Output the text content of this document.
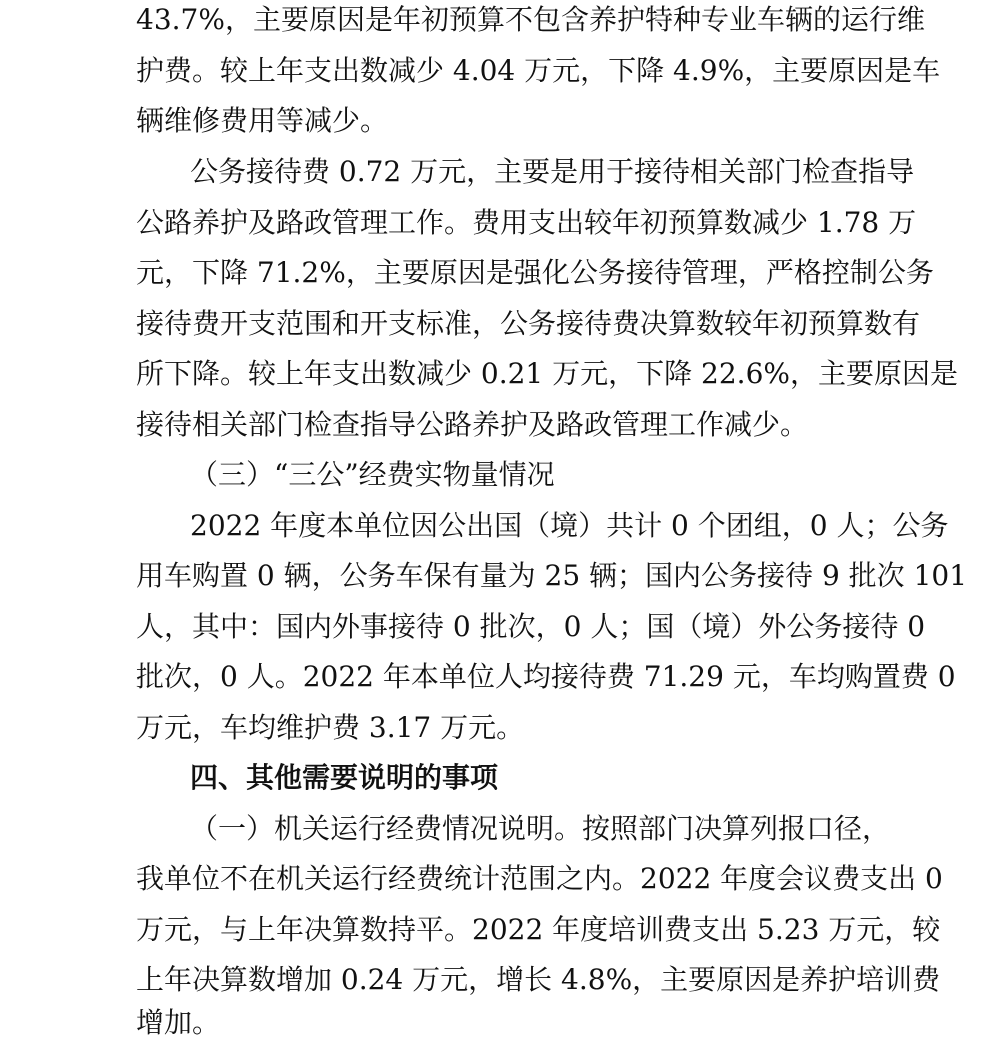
43.7%，主要原因是年初预算不包含养护特种专业车辆的运行维
护费。较上年支出数减少 4.04 万元，下降 4.9%，主要原因是车
辆维修费用等减少。
公务接待费 0.72 万元，主要是用于接待相关部门检查指导
公路养护及路政管理工作。费用支出较年初预算数减少 1.78 万
元，下降 71.2%，主要原因是强化公务接待管理，严格控制公务
接待费开支范围和开支标准，公务接待费决算数较年初预算数有
所下降。较上年支出数减少 0.21 万元，下降 22.6%，主要原因是
接待相关部门检查指导公路养护及路政管理工作减少。
（三）“三公”经费实物量情况
2022 年度本单位因公出国（境）共计 0 个团组，0 人；公务
用车购置 0 辆，公务车保有量为 25 辆；国内公务接待 9 批次 101
人，其中：国内外事接待 0 批次，0 人；国（境）外公务接待 0
批次，0 人。2022 年本单位人均接待费 71.29 元，车均购置费 0
万元，车均维护费 3.17 万元。
四、其他需要说明的事项
（一）机关运行经费情况说明。按照部门决算列报口径，
我单位不在机关运行经费统计范围之内。2022 年度会议费支出 0
万元，与上年决算数持平。2022 年度培训费支出 5.23 万元，较
上年决算数增加 0.24 万元，增长 4.8%，主要原因是养护培训费
增加。
